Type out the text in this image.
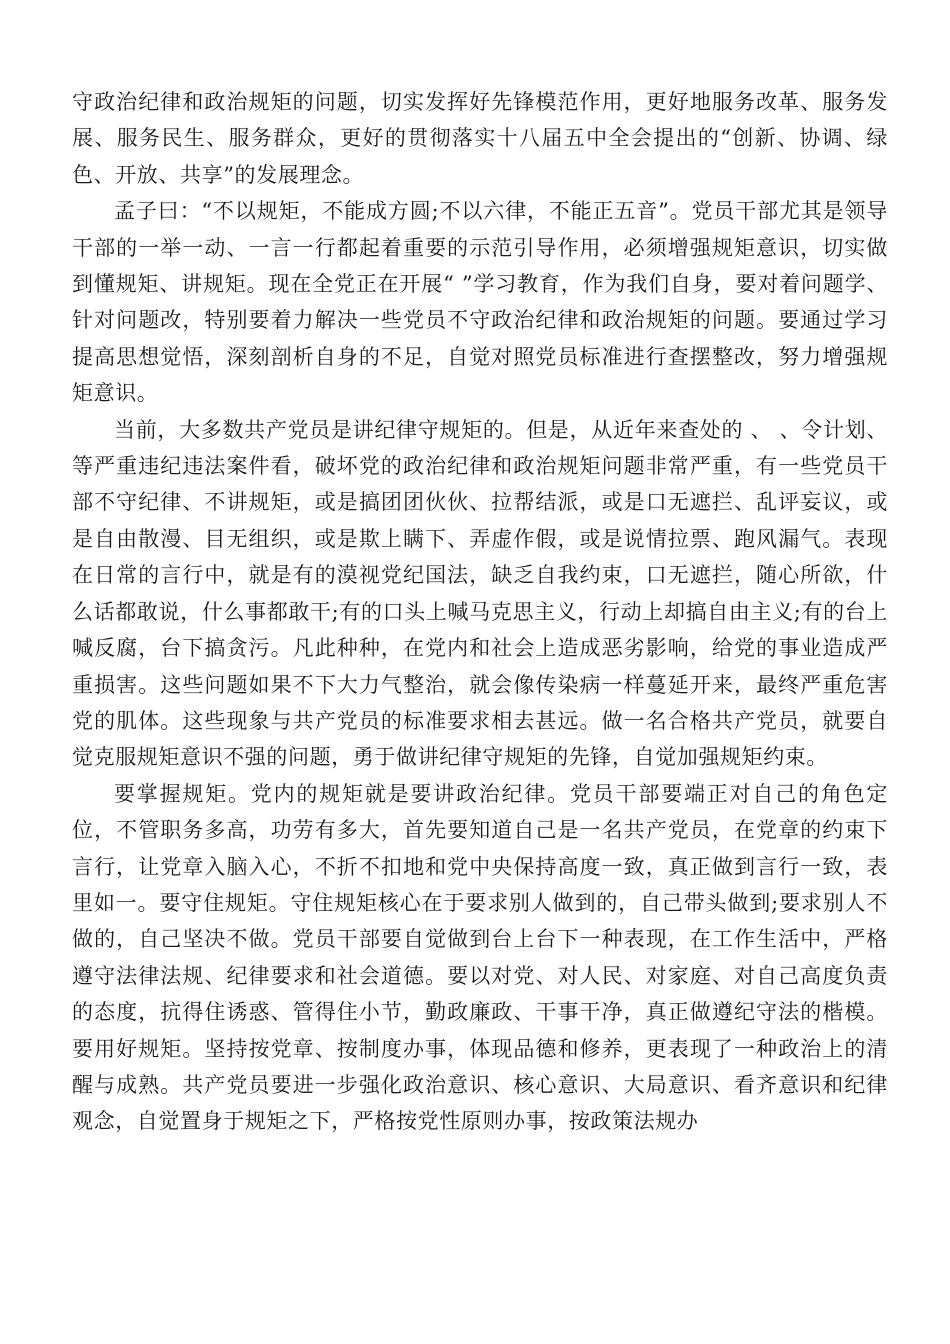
守政治纪律和政治规矩的问题，切实发挥好先锋模范作用，更好地服务改革、服务发展、服务民生、服务群众，更好的贯彻落实十八届五中全会提出的“创新、协调、绿色、开放、共享”的发展理念。

孟子曰：“不以规矩，不能成方圆;不以六律，不能正五音”。党员干部尤其是领导干部的一举一动、一言一行都起着重要的示范引导作用，必须增强规矩意识，切实做到懂规矩、讲规矩。现在全党正在开展“ ”学习教育，作为我们自身，要对着问题学、针对问题改，特别要着力解决一些党员不守政治纪律和政治规矩的问题。要通过学习提高思想觉悟，深刻剖析自身的不足，自觉对照党员标准进行查摆整改，努力增强规矩意识。

当前，大多数共产党员是讲纪律守规矩的。但是，从近年来查处的 、 、令计划、 等严重违纪违法案件看，破坏党的政治纪律和政治规矩问题非常严重，有一些党员干部不守纪律、不讲规矩，或是搞团团伙伙、拉帮结派，或是口无遮拦、乱评妄议，或是自由散漫、目无组织，或是欺上瞒下、弄虚作假，或是说情拉票、跑风漏气。表现在日常的言行中，就是有的漠视党纪国法，缺乏自我约束，口无遮拦，随心所欲，什么话都敢说，什么事都敢干;有的口头上喊马克思主义，行动上却搞自由主义;有的台上喊反腐，台下搞贪污。凡此种种，在党内和社会上造成恶劣影响，给党的事业造成严重损害。这些问题如果不下大力气整治，就会像传染病一样蔓延开来，最终严重危害党的肌体。这些现象与共产党员的标准要求相去甚远。做一名合格共产党员，就要自觉克服规矩意识不强的问题，勇于做讲纪律守规矩的先锋，自觉加强规矩约束。

要掌握规矩。党内的规矩就是要讲政治纪律。党员干部要端正对自己的角色定位，不管职务多高，功劳有多大，首先要知道自己是一名共产党员，在党章的约束下言行，让党章入脑入心，不折不扣地和党中央保持高度一致，真正做到言行一致，表里如一。要守住规矩。守住规矩核心在于要求别人做到的，自己带头做到;要求别人不做的，自己坚决不做。党员干部要自觉做到台上台下一种表现，在工作生活中，严格遵守法律法规、纪律要求和社会道德。要以对党、对人民、对家庭、对自己高度负责的态度，抗得住诱惑、管得住小节，勤政廉政、干事干净，真正做遵纪守法的楷模。要用好规矩。坚持按党章、按制度办事，体现品德和修养，更表现了一种政治上的清醒与成熟。共产党员要进一步强化政治意识、核心意识、大局意识、看齐意识和纪律观念，自觉置身于规矩之下，严格按党性原则办事，按政策法规办
